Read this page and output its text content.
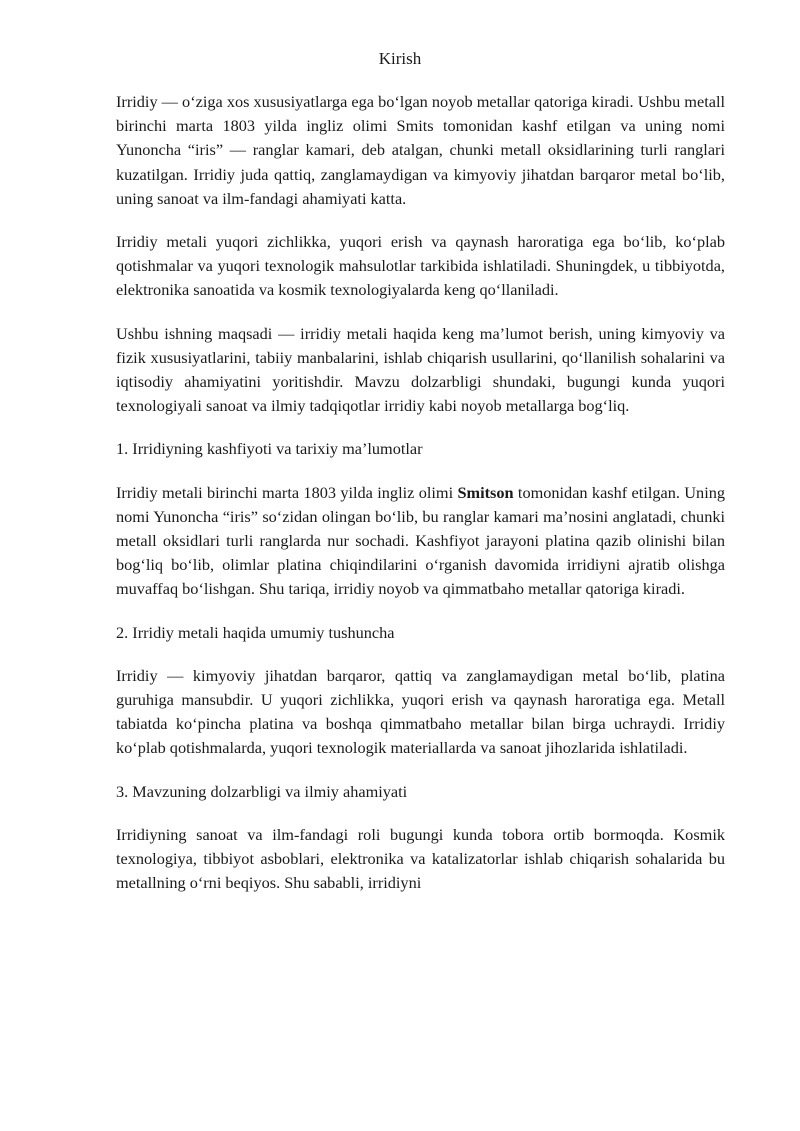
Kirish

Irridiy — o‘ziga xos xususiyatlarga ega bo‘lgan noyob metallar qatoriga kiradi. Ushbu metall birinchi marta 1803 yilda ingliz olimi Smits tomonidan kashf etilgan va uning nomi Yunoncha “iris” — ranglar kamari, deb atalgan, chunki metall oksidlarining turli ranglari kuzatilgan. Irridiy juda qattiq, zanglamaydigan va kimyoviy jihatdan barqaror metal bo‘lib, uning sanoat va ilm-fandagi ahamiyati katta.

Irridiy metali yuqori zichlikka, yuqori erish va qaynash haroratiga ega bo‘lib, ko‘plab qotishmalar va yuqori texnologik mahsulotlar tarkibida ishlatiladi. Shuningdek, u tibbiyotda, elektronika sanoatida va kosmik texnologiyalarda keng qo‘llaniladi.

Ushbu ishning maqsadi — irridiy metali haqida keng ma’lumot berish, uning kimyoviy va fizik xususiyatlarini, tabiiy manbalarini, ishlab chiqarish usullarini, qo‘llanilish sohalarini va iqtisodiy ahamiyatini yoritishdir. Mavzu dolzarbligi shundaki, bugungi kunda yuqori texnologiyali sanoat va ilmiy tadqiqotlar irridiy kabi noyob metallarga bog‘liq.

1. Irridiyning kashfiyoti va tarixiy ma’lumotlar

Irridiy metali birinchi marta 1803 yilda ingliz olimi Smitson tomonidan kashf etilgan. Uning nomi Yunoncha “iris” so‘zidan olingan bo‘lib, bu ranglar kamari ma’nosini anglatadi, chunki metall oksidlari turli ranglarda nur sochadi. Kashfiyot jarayoni platina qazib olinishi bilan bog‘liq bo‘lib, olimlar platina chiqindilarini o‘rganish davomida irridiyni ajratib olishga muvaffaq bo‘lishgan. Shu tariqa, irridiy noyob va qimmatbaho metallar qatoriga kiradi.

2. Irridiy metali haqida umumiy tushuncha

Irridiy — kimyoviy jihatdan barqaror, qattiq va zanglamaydigan metal bo‘lib, platina guruhiga mansubdir. U yuqori zichlikka, yuqori erish va qaynash haroratiga ega. Metall tabiatda ko‘pincha platina va boshqa qimmatbaho metallar bilan birga uchraydi. Irridiy ko‘plab qotishmalarda, yuqori texnologik materiallarda va sanoat jihozlarida ishlatiladi.

3. Mavzuning dolzarbligi va ilmiy ahamiyati

Irridiyning sanoat va ilm-fandagi roli bugungi kunda tobora ortib bormoqda. Kosmik texnologiya, tibbiyot asboblari, elektronika va katalizatorlar ishlab chiqarish sohalarida bu metallning o‘rni beqiyos. Shu sababli, irridiyni
